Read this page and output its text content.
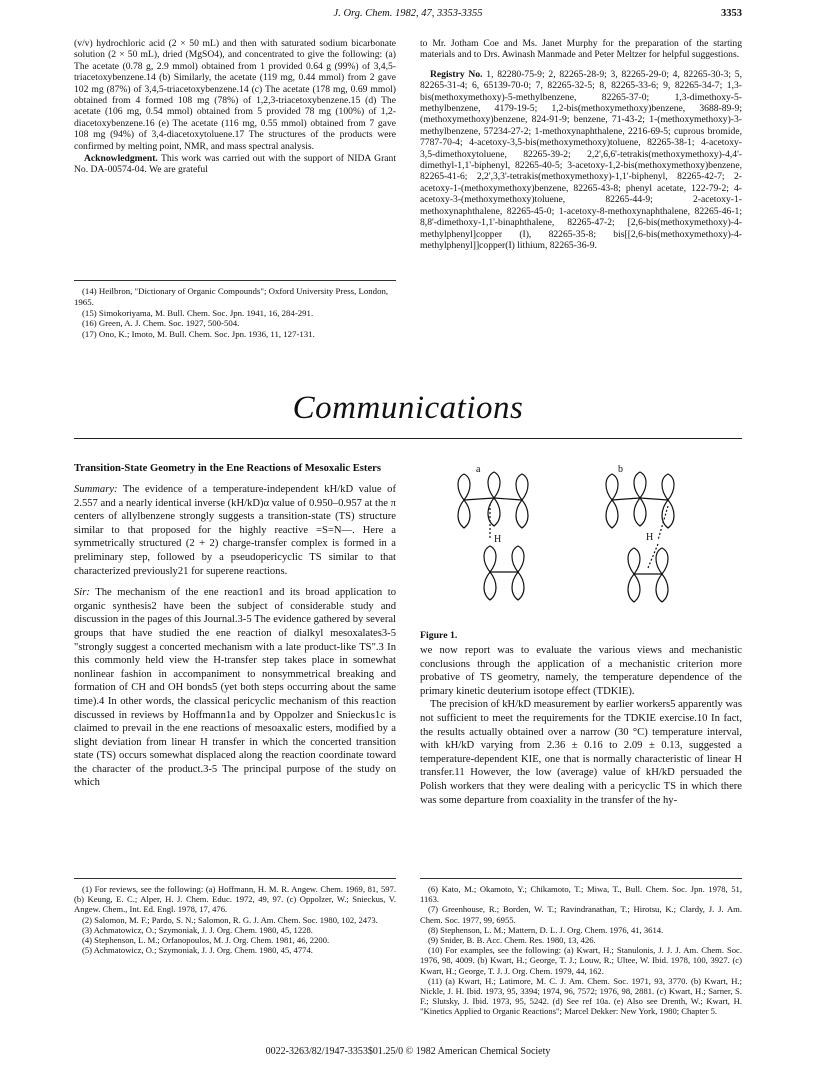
J. Org. Chem. 1982, 47, 3353-3355	3353

(v/v) hydrochloric acid (2 × 50 mL) and then with saturated sodium bicarbonate solution (2 × 50 mL), dried (MgSO4), and concentrated to give the following: (a) The acetate (0.78 g, 2.9 mmol) obtained from 1 provided 0.64 g (99%) of 3,4,5-triacetoxybenzene.14 (b) Similarly, the acetate (119 mg, 0.44 mmol) from 2 gave 102 mg (87%) of 3,4,5-triacetoxybenzene.14 (c) The acetate (178 mg, 0.69 mmol) obtained from 4 formed 108 mg (78%) of 1,2,3-triacetoxybenzene.15 (d) The acetate (106 mg, 0.54 mmol) obtained from 5 provided 78 mg (100%) of 1,2-diacetoxybenzene.16 (e) The acetate (116 mg, 0.55 mmol) obtained from 7 gave 108 mg (94%) of 3,4-diacetoxytoluene.17 The structures of the products were confirmed by melting point, NMR, and mass spectral analysis.

Acknowledgment. This work was carried out with the support of NIDA Grant No. DA-00574-04. We are grateful

(14) Heilbron, "Dictionary of Organic Compounds"; Oxford University Press, London, 1965.
(15) Simokoriyama, M. Bull. Chem. Soc. Jpn. 1941, 16, 284-291.
(16) Green, A. J. Chem. Soc. 1927, 500-504.
(17) Ono, K.; Imoto, M. Bull. Chem. Soc. Jpn. 1936, 11, 127-131.

to Mr. Jotham Coe and Ms. Janet Murphy for the preparation of the starting materials and to Drs. Awinash Manmade and Peter Meltzer for helpful suggestions.

Registry No. 1, 82280-75-9; 2, 82265-28-9; 3, 82265-29-0; 4, 82265-30-3; 5, 82265-31-4; 6, 65139-70-0; 7, 82265-32-5; 8, 82265-33-6; 9, 82265-34-7; 1,3-bis(methoxymethoxy)-5-methylbenzene, 82265-37-0; 1,3-dimethoxy-5-methylbenzene, 4179-19-5; 1,2-bis(methoxymethoxy)benzene, 3688-89-9; (methoxymethoxy)benzene, 824-91-9; benzene, 71-43-2; 1-(methoxymethoxy)-3-methylbenzene, 57234-27-2; 1-methoxynaphthalene, 2216-69-5; cuprous bromide, 7787-70-4; 4-acetoxy-3,5-bis(methoxymethoxy)toluene, 82265-38-1; 4-acetoxy-3,5-dimethoxytoluene, 82265-39-2; 2,2',6,6'-tetrakis(methoxymethoxy)-4,4'-dimethyl-1,1'-biphenyl, 82265-40-5; 3-acetoxy-1,2-bis(methoxymethoxy)benzene, 82265-41-6; 2,2',3,3'-tetrakis(methoxymethoxy)-1,1'-biphenyl, 82265-42-7; 2-acetoxy-1-(methoxymethoxy)benzene, 82265-43-8; phenyl acetate, 122-79-2; 4-acetoxy-3-(methoxymethoxy)toluene, 82265-44-9; 2-acetoxy-1-methoxynaphthalene, 82265-45-0; 1-acetoxy-8-methoxynaphthalene, 82265-46-1; 8,8'-dimethoxy-1,1'-binaphthalene, 82265-47-2; [2,6-bis(methoxymethoxy)-4-methylphenyl]copper (I), 82265-35-8; bis[[2,6-bis(methoxymethoxy)-4-methylphenyl]]copper(I) lithium, 82265-36-9.

Communications
Transition-State Geometry in the Ene Reactions of Mesoxalic Esters

Summary: The evidence of a temperature-independent kH/kD value of 2.557 and a nearly identical inverse (kH/kD)α value of 0.950–0.957 at the π centers of allylbenzene strongly suggests a transition-state (TS) structure similar to that proposed for the highly reactive =S=N—. Here a symmetrically structured (2 + 2) charge-transfer complex is formed in a preliminary step, followed by a pseudopericyclic TS similar to that characterized previously21 for superene reactions.

Sir: The mechanism of the ene reaction1 and its broad application to organic synthesis2 have been the subject of considerable study and discussion in the pages of this Journal.3-5 The evidence gathered by several groups that have studied the ene reaction of dialkyl mesoxalates3-5 "strongly suggest a concerted mechanism with a late product-like TS".3 In this commonly held view the H-transfer step takes place in somewhat nonlinear fashion in accompaniment to nonsymmetrical breaking and formation of CH and OH bonds5 (yet both steps occurring about the same time).4 In other words, the classical pericyclic mechanism of this reaction discussed in reviews by Hoffmann1a and by Oppolzer and Snieckus1c is claimed to prevail in the ene reactions of mesoaxalic esters, modified by a slight deviation from linear H transfer in which the concerted transition state (TS) occurs somewhat displaced along the reaction coordinate toward the character of the product.3-5 The principal purpose of the study on which

a	b
H	H
Figure 1.

we now report was to evaluate the various views and mechanistic conclusions through the application of a mechanistic criterion more probative of TS geometry, namely, the temperature dependence of the primary kinetic deuterium isotope effect (TDKIE).

The precision of kH/kD measurement by earlier workers5 apparently was not sufficient to meet the requirements for the TDKIE exercise.10 In fact, the results actually obtained over a narrow (30 °C) temperature interval, with kH/kD varying from 2.36 ± 0.16 to 2.09 ± 0.13, suggested a temperature-dependent KIE, one that is normally characteristic of linear H transfer.11 However, the low (average) value of kH/kD persuaded the Polish workers that they were dealing with a pericyclic TS in which there was some departure from coaxiality in the transfer of the hy-

(1) For reviews, see the following: (a) Hoffmann, H. M. R. Angew. Chem. 1969, 81, 597. (b) Keung, E. C.; Alper, H. J. Chem. Educ. 1972, 49, 97. (c) Oppolzer, W.; Snieckus, V. Angew. Chem., Int. Ed. Engl. 1978, 17, 476.
(2) Salomon, M. F.; Pardo, S. N.; Salomon, R. G. J. Am. Chem. Soc. 1980, 102, 2473.
(3) Achmatowicz, O.; Szymoniak, J. J. Org. Chem. 1980, 45, 1228.
(4) Stephenson, L. M.; Orfanopoulos, M. J. Org. Chem. 1981, 46, 2200.
(5) Achmatowicz, O.; Szymoniak, J. J. Org. Chem. 1980, 45, 4774.
(6) Kato, M.; Okamoto, Y.; Chikamoto, T.; Miwa, T., Bull. Chem. Soc. Jpn. 1978, 51, 1163.
(7) Greenhouse, R.; Borden, W. T.; Ravindranathan, T.; Hirotsu, K.; Clardy, J. J. Am. Chem. Soc. 1977, 99, 6955.
(8) Stephenson, L. M.; Mattern, D. L. J. Org. Chem. 1976, 41, 3614.
(9) Snider, B. B. Acc. Chem. Res. 1980, 13, 426.
(10) For examples, see the following: (a) Kwart, H.; Stanulonis, J. J. J. Am. Chem. Soc. 1976, 98, 4009. (b) Kwart, H.; George, T. J.; Louw, R.; Ultee, W. Ibid. 1978, 100, 3927. (c) Kwart, H.; George, T. J. J. Org. Chem. 1979, 44, 162.
(11) (a) Kwart, H.; Latimore, M. C. J. Am. Chem. Soc. 1971, 93, 3770. (b) Kwart, H.; Nickle, J. H. Ibid. 1973, 95, 3394; 1974, 96, 7572; 1976, 98, 2881. (c) Kwart, H.; Sarner, S. F.; Slutsky, J. Ibid. 1973, 95, 5242. (d) See ref 10a. (e) Also see Drenth, W.; Kwart, H. "Kinetics Applied to Organic Reactions"; Marcel Dekker: New York, 1980; Chapter 5.
0022-3263/82/1947-3353$01.25/0 © 1982 American Chemical Society
